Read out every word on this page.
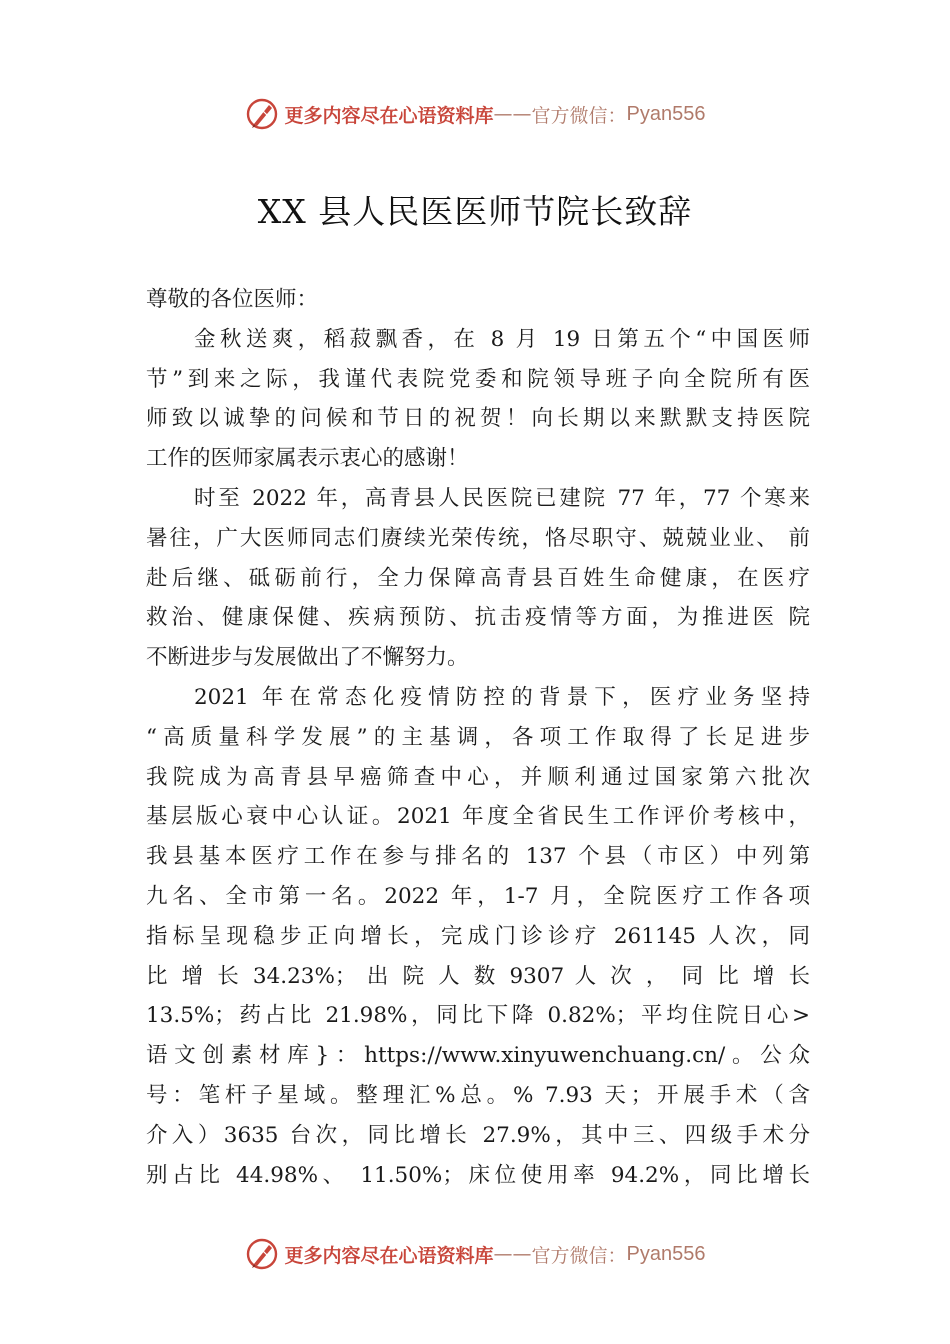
更多内容尽在心语资料库 —— 官方微信： Pyan556
XX 县人民医医师节院长致辞
尊敬的各位医师：
金秋送爽，稻菽飘香，在 8 月 19 日第五个“中国医师
节”到来之际，我谨代表院党委和院领导班子向全院所有医
师致以诚挚的问候和节日的祝贺！向长期以来默默支持医院
工作的医师家属表示衷心的感谢！
时至 2022 年，高青县人民医院已建院 77 年，77 个寒来
暑往，广大医师同志们赓续光荣传统，恪尽职守、兢兢业业、 前
赴后继、砥砺前行，全力保障高青县百姓生命健康，在医疗
救治、健康保健、疾病预防、抗击疫情等方面，为推进医 院
不断进步与发展做出了不懈努力。
2021 年在常态化疫情防控的背景下，医疗业务坚持
“高质量科学发展”的主基调，各项工作取得了长足进步
我院成为高青县早癌筛查中心，并顺利通过国家第六批次
基层版心衰中心认证。2021 年度全省民生工作评价考核中，
我县基本医疗工作在参与排名的 137 个县（市区）中列第
九名、全市第一名。2022 年，1-7 月，全院医疗工作各项
指标呈现稳步正向增长，完成门诊诊疗 261145 人次，同
比 增 长 34.23%； 出 院 人 数 9307 人 次 ， 同 比 增 长
13.5%；药占比 21.98%，同比下降 0.82%；平均住院日心>
语文创素材库}：https://www.xinyuwenchuang.cn/。公众
号：笔杆子星域。整理汇%总。% 7.93 天；开展手术（含
介入）3635 台次，同比增长 27.9%，其中三、四级手术分
别占比 44.98%、 11.50%；床位使用率 94.2%，同比增长
更多内容尽在心语资料库 —— 官方微信： Pyan556
